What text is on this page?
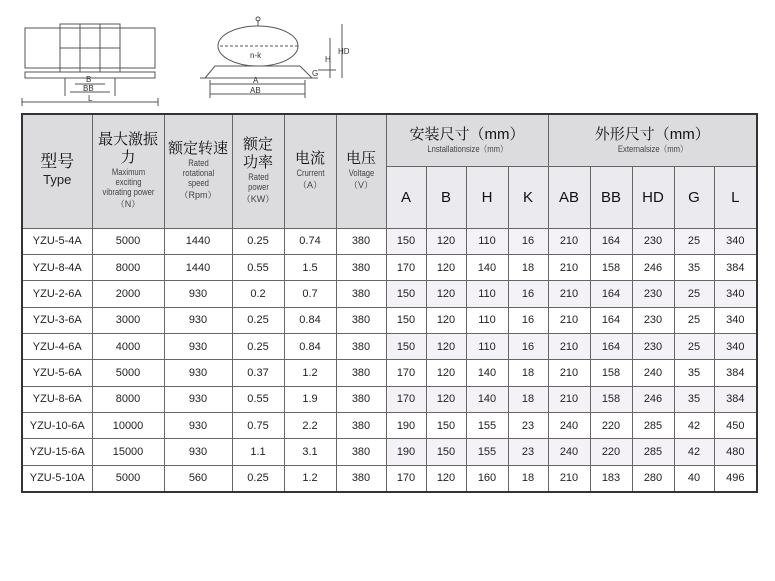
B
BB
L
n-k
A
AB
H
HD
G
型号
Type	最大激振力
Maximum
exciting
vibrating power
（N）	额定转速
Rated
rotational
speed
（Rpm）	额定
功率
Rated
power
（KW）	电流
Crurrent
（A）	电压
Voltage
（V）	安装尺寸（mm）
Lnstallationsize（mm）				外形尺寸（mm）
Externalsize（mm）				

						A	B	H	K	AB	BB	HD	G	L
YZU-5-4A	5000	1440	0.25	0.74	380	150	120	110	16	210	164	230	25	340
YZU-8-4A	8000	1440	0.55	1.5	380	170	120	140	18	210	158	246	35	384
YZU-2-6A	2000	930	0.2	0.7	380	150	120	110	16	210	164	230	25	340
YZU-3-6A	3000	930	0.25	0.84	380	150	120	110	16	210	164	230	25	340
YZU-4-6A	4000	930	0.25	0.84	380	150	120	110	16	210	164	230	25	340
YZU-5-6A	5000	930	0.37	1.2	380	170	120	140	18	210	158	240	35	384
YZU-8-6A	8000	930	0.55	1.9	380	170	120	140	18	210	158	246	35	384
YZU-10-6A	10000	930	0.75	2.2	380	190	150	155	23	240	220	285	42	450
YZU-15-6A	15000	930	1.1	3.1	380	190	150	155	23	240	220	285	42	480
YZU-5-10A	5000	560	0.25	1.2	380	170	120	160	18	210	183	280	40	496
